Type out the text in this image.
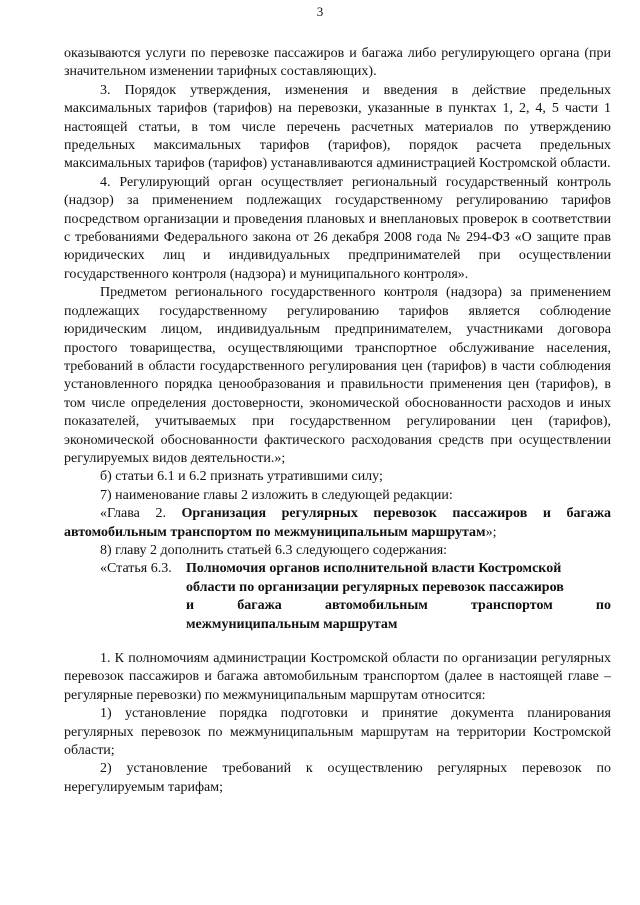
3

оказываются услуги по перевозке пассажиров и багажа либо регулирующего органа (при значительном изменении тарифных составляющих).

3. Порядок утверждения, изменения и введения в действие предельных максимальных тарифов (тарифов) на перевозки, указанные в пунктах 1, 2, 4, 5 части 1 настоящей статьи, в том числе перечень расчетных материалов по утверждению предельных максимальных тарифов (тарифов), порядок расчета предельных максимальных тарифов (тарифов) устанавливаются администрацией Костромской области.

4. Регулирующий орган осуществляет региональный государственный контроль (надзор) за применением подлежащих государственному регулированию тарифов посредством организации и проведения плановых и внеплановых проверок в соответствии с требованиями Федерального закона от 26 декабря 2008 года № 294-ФЗ «О защите прав юридических лиц и индивидуальных предпринимателей при осуществлении государственного контроля (надзора) и муниципального контроля».

Предметом регионального государственного контроля (надзора) за применением подлежащих государственному регулированию тарифов является соблюдение юридическим лицом, индивидуальным предпринимателем, участниками договора простого товарищества, осуществляющими транспортное обслуживание населения, требований в области государственного регулирования цен (тарифов) в части соблюдения установленного порядка ценообразования и правильности применения цен (тарифов), в том числе определения достоверности, экономической обоснованности расходов и иных показателей, учитываемых при государственном регулировании цен (тарифов), экономической обоснованности фактического расходования средств при осуществлении регулируемых видов деятельности.»;

б) статьи 6.1 и 6.2 признать утратившими силу;

7) наименование главы 2 изложить в следующей редакции:

«Глава 2. Организация регулярных перевозок пассажиров и багажа автомобильным транспортом по межмуниципальным маршрутам»;

8) главу 2 дополнить статьей 6.3 следующего содержания:

«Статья 6.3.	Полномочия органов исполнительной власти Костромской
области по организации регулярных перевозок пассажиров
и багажа автомобильным транспортом по
межмуниципальным маршрутам

1. К полномочиям администрации Костромской области по организации регулярных перевозок пассажиров и багажа автомобильным транспортом (далее в настоящей главе – регулярные перевозки) по межмуниципальным маршрутам относится:

1) установление порядка подготовки и принятие документа планирования регулярных перевозок по межмуниципальным маршрутам на территории Костромской области;

2) установление требований к осуществлению регулярных перевозок по нерегулируемым тарифам;
